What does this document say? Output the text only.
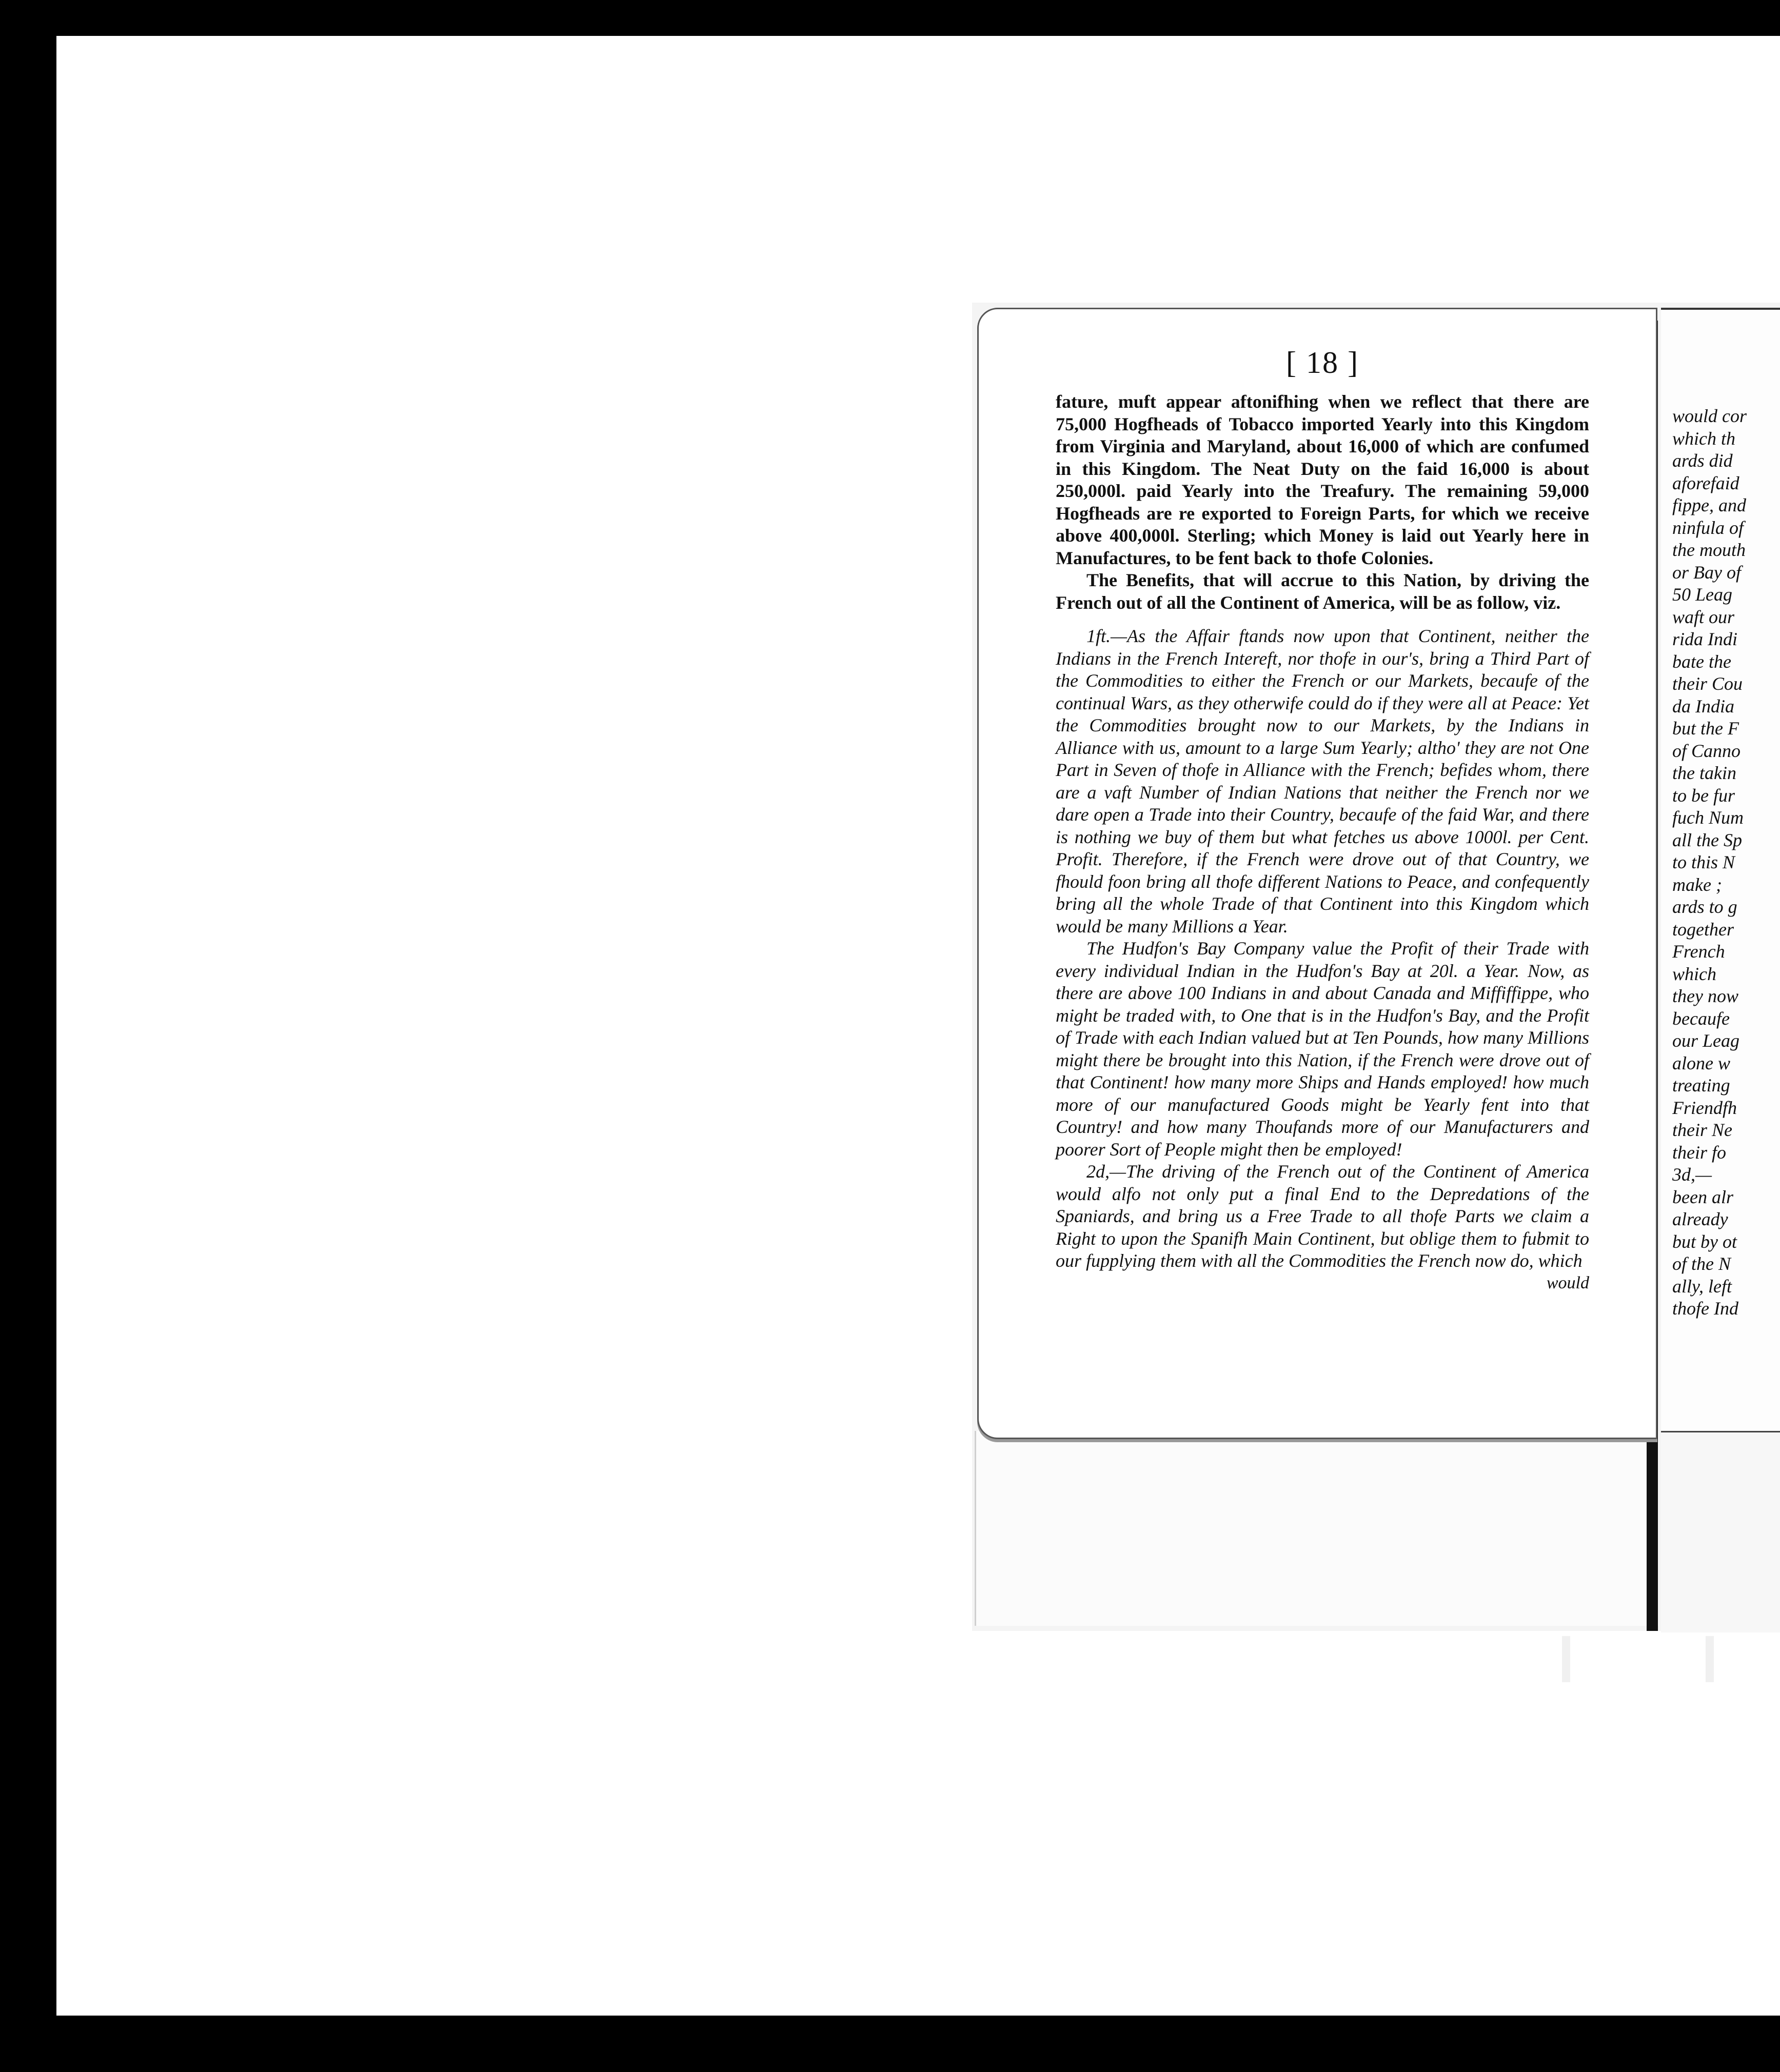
[ 18 ]

fature, muft appear aftonifhing when we reflect that there are 75,000 Hogfheads of Tobacco imported Yearly into this Kingdom from Virginia and Maryland, about 16,000 of which are confumed in this Kingdom. The Neat Duty on the faid 16,000 is about 250,000l. paid Yearly into the Treafury. The remaining 59,000 Hogfheads are re exported to Foreign Parts, for which we receive above 400,000l. Sterling; which Money is laid out Yearly here in Manufactures, to be fent back to thofe Colonies.

The Benefits, that will accrue to this Nation, by driving the French out of all the Continent of America, will be as follow, viz.

1ft.—As the Affair ftands now upon that Continent, neither the Indians in the French Intereft, nor thofe in our's, bring a Third Part of the Commodities to either the French or our Markets, becaufe of the continual Wars, as they otherwife could do if they were all at Peace: Yet the Commodities brought now to our Markets, by the Indians in Alliance with us, amount to a large Sum Yearly; altho' they are not One Part in Seven of thofe in Alliance with the French; befides whom, there are a vaft Number of Indian Nations that neither the French nor we dare open a Trade into their Country, becaufe of the faid War, and there is nothing we buy of them but what fetches us above 1000l. per Cent. Profit. Therefore, if the French were drove out of that Country, we fhould foon bring all thofe different Nations to Peace, and confequently bring all the whole Trade of that Continent into this Kingdom which would be many Millions a Year.

The Hudfon's Bay Company value the Profit of their Trade with every individual Indian in the Hudfon's Bay at 20l. a Year. Now, as there are above 100 Indians in and about Canada and Miffiffippe, who might be traded with, to One that is in the Hudfon's Bay, and the Profit of Trade with each Indian valued but at Ten Pounds, how many Millions might there be brought into this Nation, if the French were drove out of that Continent! how many more Ships and Hands employed! how much more of our manufactured Goods might be Yearly fent into that Country! and how many Thoufands more of our Manufacturers and poorer Sort of People might then be employed!

2d,—The driving of the French out of the Continent of America would alfo not only put a final End to the Depredations of the Spaniards, and bring us a Free Trade to all thofe Parts we claim a Right to upon the Spanifh Main Continent, but oblige them to fubmit to our fupplying them with all the Commodities the French now do, which

would
would cor
which th
ards did
aforefaid
fippe, and
ninfula of
the mouth
or Bay of
50 Leag
waft our
rida Indi
bate the
their Cou
da India
but the F
of Canno
the takin
to be fur
fuch Num
all the Sp
to this N
make ;
ards to g
together
French
which
they now
becaufe
our Leag
alone w
treating
Friendfh
their Ne
their fo
3d,—
been alr
already
but by ot
of the N
ally, left
thofe Ind
